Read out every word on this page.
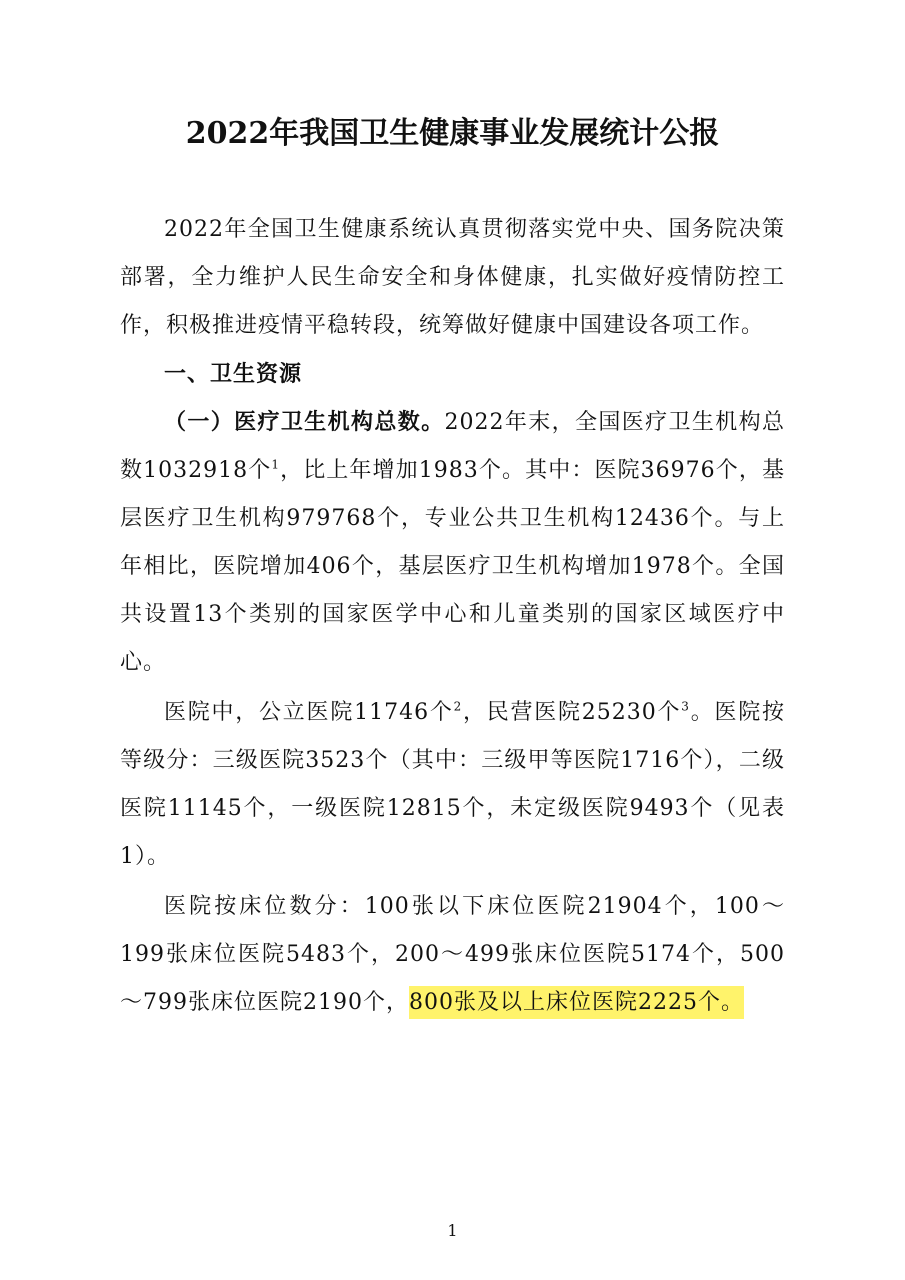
2022年我国卫生健康事业发展统计公报

2022年全国卫生健康系统认真贯彻落实党中央、国务院决策部署，全力维护人民生命安全和身体健康，扎实做好疫情防控工作，积极推进疫情平稳转段，统筹做好健康中国建设各项工作。

一、卫生资源

（一）医疗卫生机构总数。2022年末，全国医疗卫生机构总数1032918个$^1$，比上年增加1983个。其中：医院36976个，基层医疗卫生机构979768个，专业公共卫生机构12436个。与上年相比，医院增加406个，基层医疗卫生机构增加1978个。全国共设置13个类别的国家医学中心和儿童类别的国家区域医疗中心。

医院中，公立医院11746个$^2$，民营医院25230个$^3$。医院按等级分：三级医院3523个（其中：三级甲等医院1716个），二级医院11145个，一级医院12815个，未定级医院9493个（见表1）。

医院按床位数分：100张以下床位医院21904个，100～199张床位医院5483个，200～499张床位医院5174个，500～799张床位医院2190个，800张及以上床位医院2225个。

1
